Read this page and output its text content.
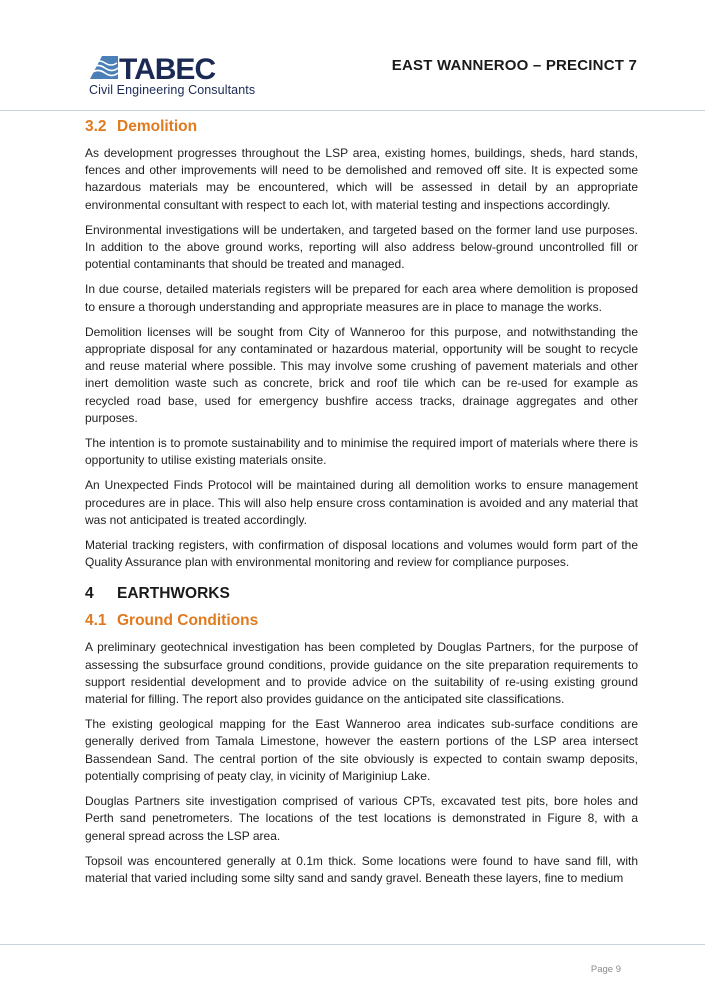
TABEC
Civil Engineering Consultants
EAST WANNEROO – PRECINCT 7
3.2 Demolition

As development progresses throughout the LSP area, existing homes, buildings, sheds, hard stands, fences and other improvements will need to be demolished and removed off site. It is expected some hazardous materials may be encountered, which will be assessed in detail by an appropriate environmental consultant with respect to each lot, with material testing and inspections accordingly.

Environmental investigations will be undertaken, and targeted based on the former land use purposes. In addition to the above ground works, reporting will also address below-ground uncontrolled fill or potential contaminants that should be treated and managed.

In due course, detailed materials registers will be prepared for each area where demolition is proposed to ensure a thorough understanding and appropriate measures are in place to manage the works.

Demolition licenses will be sought from City of Wanneroo for this purpose, and notwithstanding the appropriate disposal for any contaminated or hazardous material, opportunity will be sought to recycle and reuse material where possible. This may involve some crushing of pavement materials and other inert demolition waste such as concrete, brick and roof tile which can be re-used for example as recycled road base, used for emergency bushfire access tracks, drainage aggregates and other purposes.

The intention is to promote sustainability and to minimise the required import of materials where there is opportunity to utilise existing materials onsite.

An Unexpected Finds Protocol will be maintained during all demolition works to ensure management procedures are in place. This will also help ensure cross contamination is avoided and any material that was not anticipated is treated accordingly.

Material tracking registers, with confirmation of disposal locations and volumes would form part of the Quality Assurance plan with environmental monitoring and review for compliance purposes.

4	EARTHWORKS
4.1 Ground Conditions

A preliminary geotechnical investigation has been completed by Douglas Partners, for the purpose of assessing the subsurface ground conditions, provide guidance on the site preparation requirements to support residential development and to provide advice on the suitability of re-using existing ground material for filling. The report also provides guidance on the anticipated site classifications.

The existing geological mapping for the East Wanneroo area indicates sub-surface conditions are generally derived from Tamala Limestone, however the eastern portions of the LSP area intersect Bassendean Sand. The central portion of the site obviously is expected to contain swamp deposits, potentially comprising of peaty clay, in vicinity of Mariginiup Lake.

Douglas Partners site investigation comprised of various CPTs, excavated test pits, bore holes and Perth sand penetrometers. The locations of the test locations is demonstrated in Figure 8, with a general spread across the LSP area.

Topsoil was encountered generally at 0.1m thick. Some locations were found to have sand fill, with material that varied including some silty sand and sandy gravel. Beneath these layers, fine to medium

Page 9
